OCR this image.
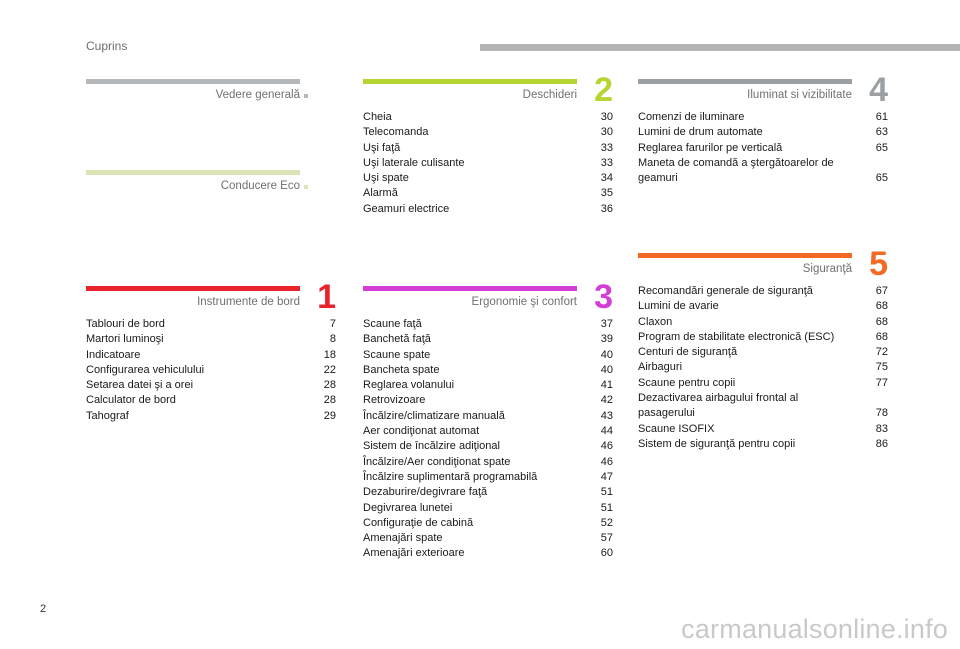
Cuprins
Vedere generală
Conducere Eco
Instrumente de bord 1
Tablouri de bord	7
Martori luminoşi	8
Indicatoare	18
Configurarea vehiculului	22
Setarea datei şi a orei	28
Calculator de bord	28
Tahograf	29
Deschideri 2
Cheia	30
Telecomanda	30
Uşi faţă	33
Uşi laterale culisante	33
Uşi spate	34
Alarmă	35
Geamuri electrice	36
Ergonomie şi confort 3
Scaune faţă	37
Banchetă faţă	39
Scaune spate	40
Bancheta spate	40
Reglarea volanului	41
Retrovizoare	42
Încălzire/climatizare manuală	43
Aer condiţionat automat	44
Sistem de încălzire adiţional	46
Încălzire/Aer condiţionat spate	46
Încălzire suplimentară programabilă	47
Dezaburire/degivrare faţă	51
Degivrarea lunetei	51
Configuraţie de cabină	52
Amenajări spate	57
Amenajări exterioare	60
Iluminat si vizibilitate 4
Comenzi de iluminare	61
Lumini de drum automate	63
Reglarea farurilor pe verticală	65
Maneta de comandă a ştergătoarelor de geamuri	65
Siguranţă 5
Recomandări generale de siguranţă	67
Lumini de avarie	68
Claxon	68
Program de stabilitate electronică (ESC)	68
Centuri de siguranţă	72
Airbaguri	75
Scaune pentru copii	77
Dezactivarea airbagului frontal al pasagerului	78
Scaune ISOFIX	83
Sistem de siguranţă pentru copii	86
2
carmanualsonline.info
